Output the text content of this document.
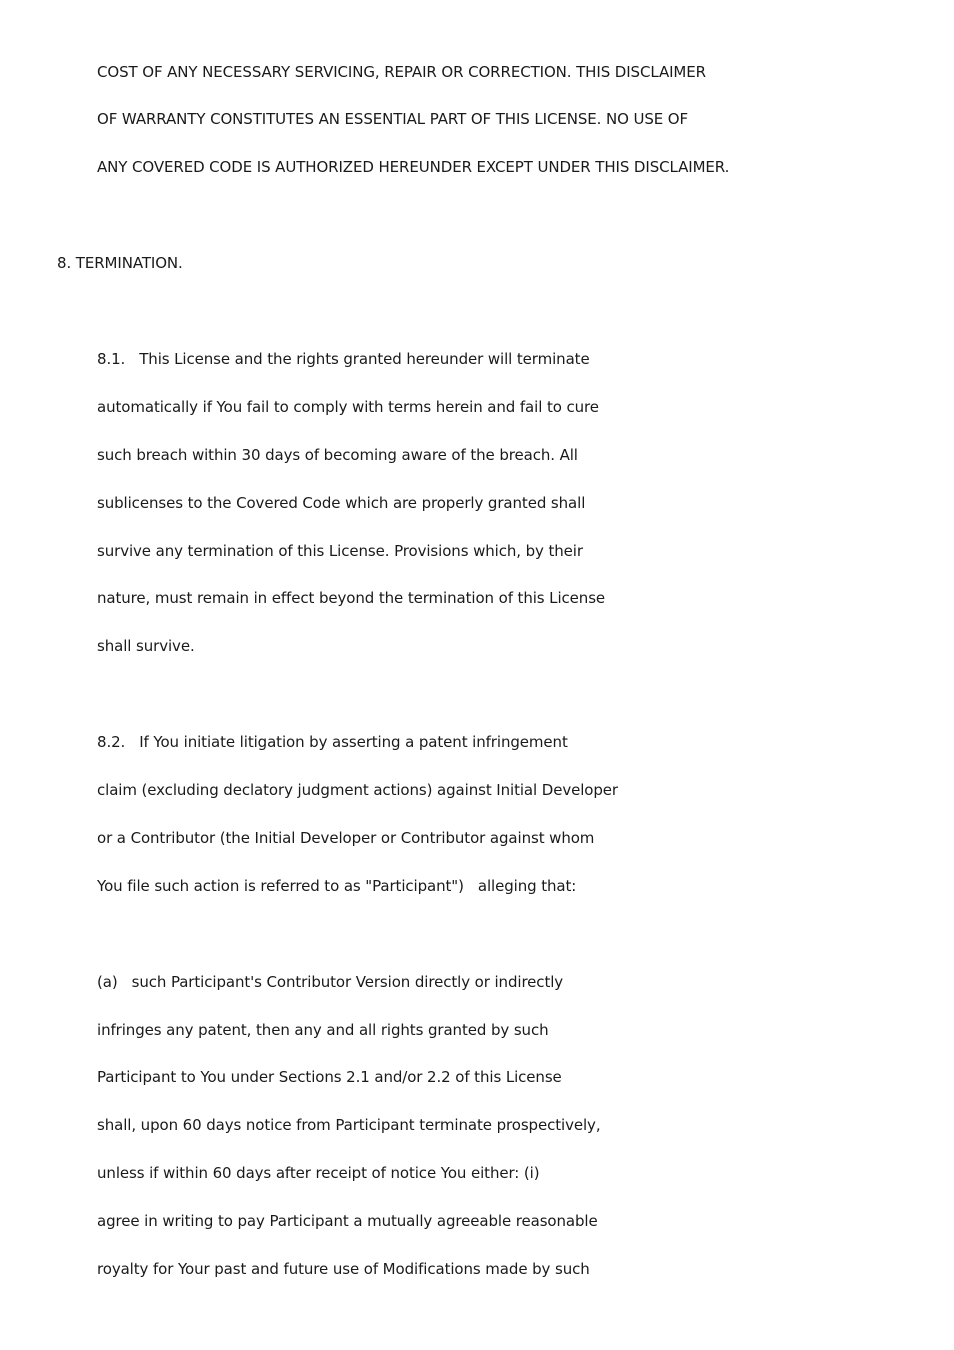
COST OF ANY NECESSARY SERVICING, REPAIR OR CORRECTION. THIS DISCLAIMER
OF WARRANTY CONSTITUTES AN ESSENTIAL PART OF THIS LICENSE. NO USE OF
ANY COVERED CODE IS AUTHORIZED HEREUNDER EXCEPT UNDER THIS DISCLAIMER.
8. TERMINATION.
8.1.   This License and the rights granted hereunder will terminate
automatically if You fail to comply with terms herein and fail to cure
such breach within 30 days of becoming aware of the breach. All
sublicenses to the Covered Code which are properly granted shall
survive any termination of this License. Provisions which, by their
nature, must remain in effect beyond the termination of this License
shall survive.
8.2.   If You initiate litigation by asserting a patent infringement
claim (excluding declatory judgment actions) against Initial Developer
or a Contributor (the Initial Developer or Contributor against whom
You file such action is referred to as "Participant")   alleging that:
(a)   such Participant's Contributor Version directly or indirectly
infringes any patent, then any and all rights granted by such
Participant to You under Sections 2.1 and/or 2.2 of this License
shall, upon 60 days notice from Participant terminate prospectively,
unless if within 60 days after receipt of notice You either: (i)
agree in writing to pay Participant a mutually agreeable reasonable
royalty for Your past and future use of Modifications made by such
